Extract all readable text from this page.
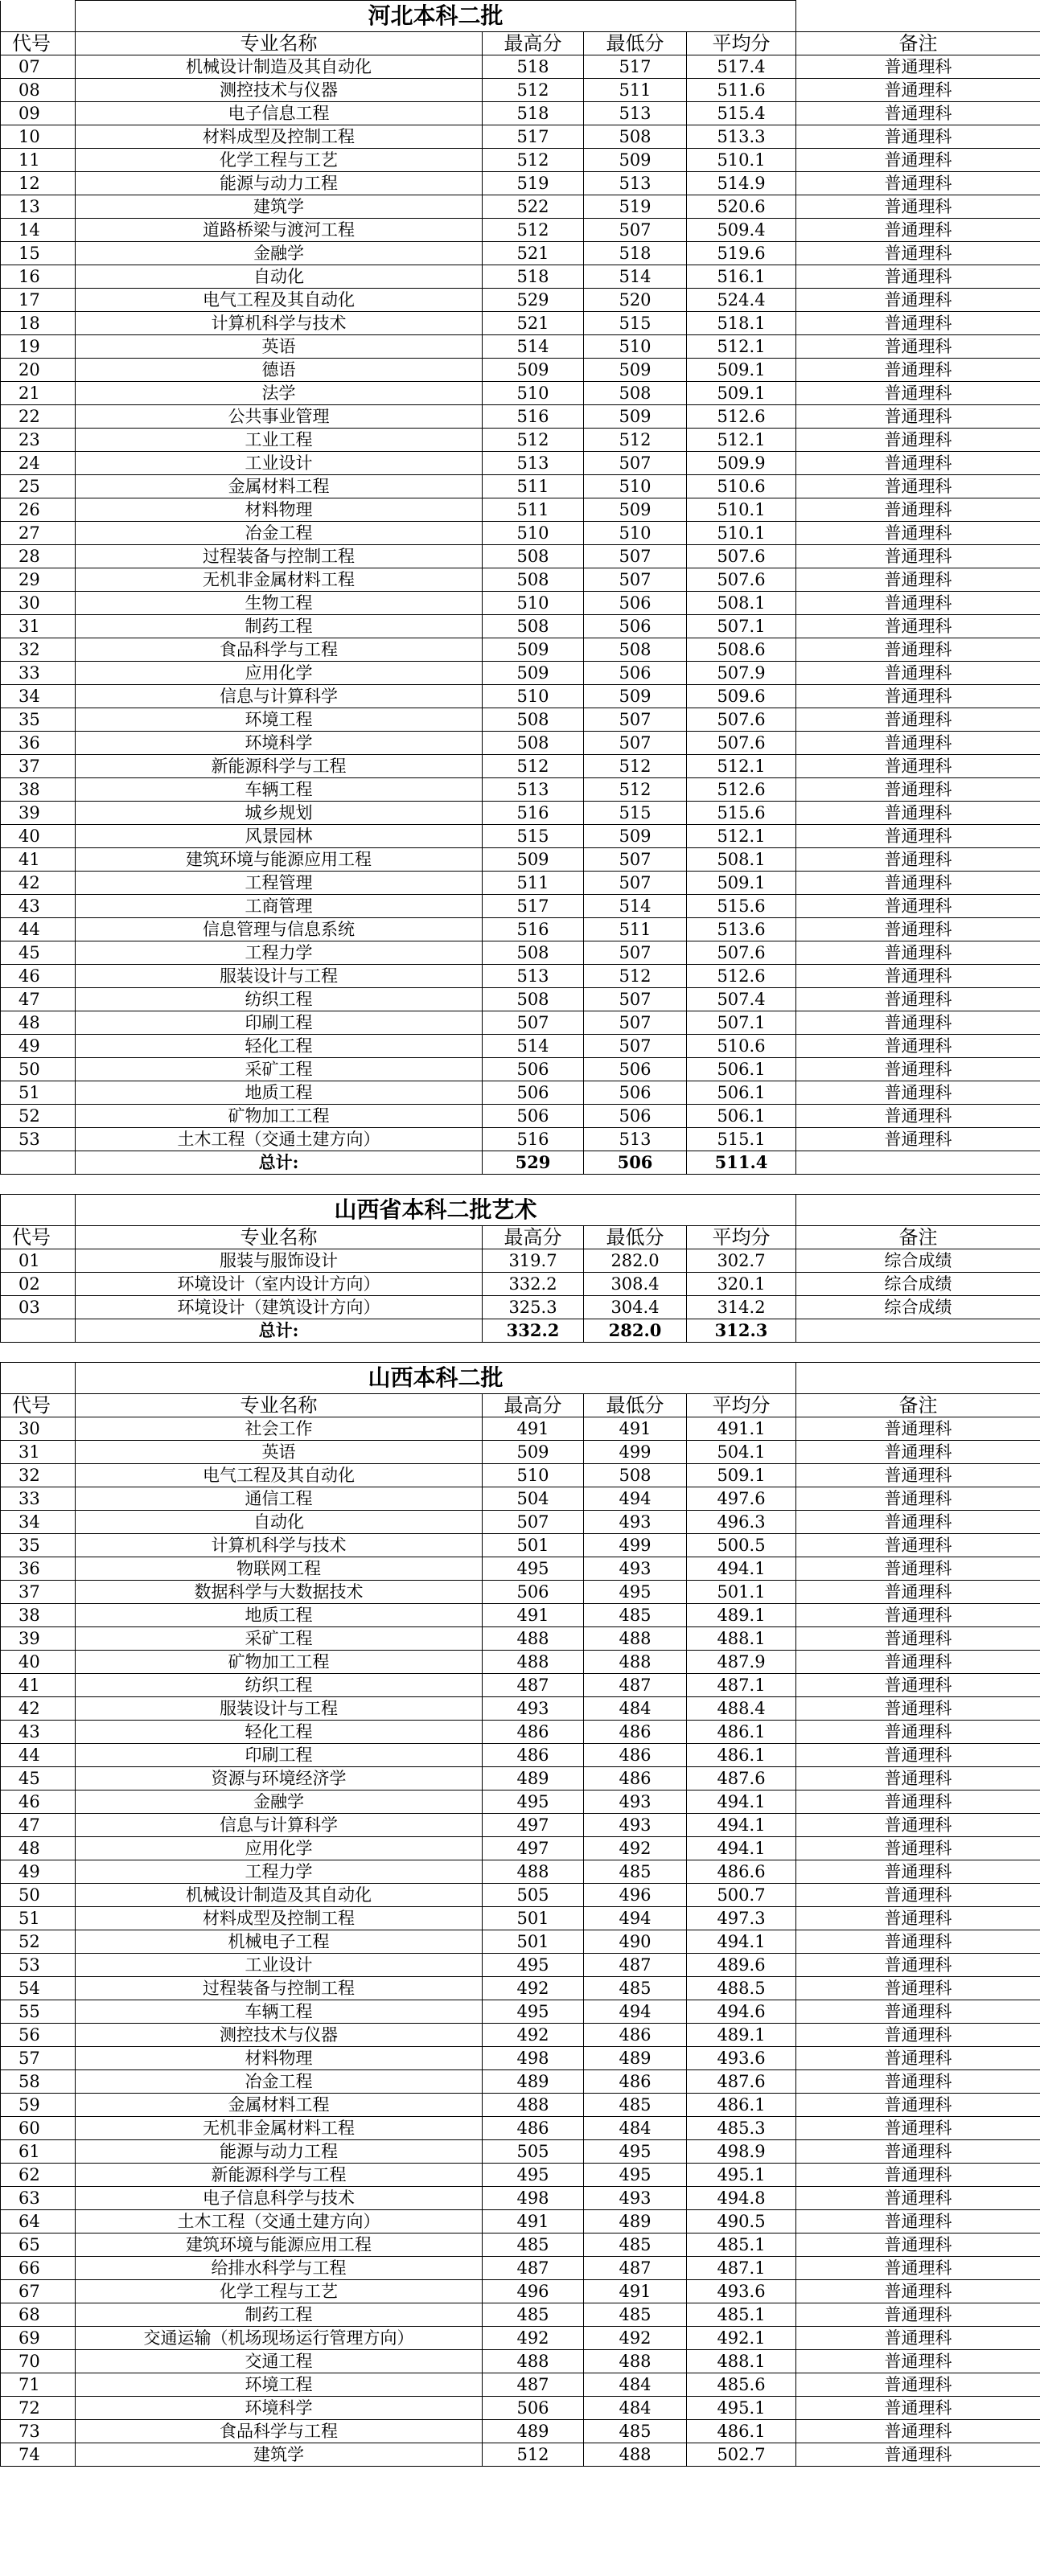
	河北本科二批				
代号	专业名称	最高分	最低分	平均分	备注
07	机械设计制造及其自动化	518	517	517.4	普通理科
08	测控技术与仪器	512	511	511.6	普通理科
09	电子信息工程	518	513	515.4	普通理科
10	材料成型及控制工程	517	508	513.3	普通理科
11	化学工程与工艺	512	509	510.1	普通理科
12	能源与动力工程	519	513	514.9	普通理科
13	建筑学	522	519	520.6	普通理科
14	道路桥梁与渡河工程	512	507	509.4	普通理科
15	金融学	521	518	519.6	普通理科
16	自动化	518	514	516.1	普通理科
17	电气工程及其自动化	529	520	524.4	普通理科
18	计算机科学与技术	521	515	518.1	普通理科
19	英语	514	510	512.1	普通理科
20	德语	509	509	509.1	普通理科
21	法学	510	508	509.1	普通理科
22	公共事业管理	516	509	512.6	普通理科
23	工业工程	512	512	512.1	普通理科
24	工业设计	513	507	509.9	普通理科
25	金属材料工程	511	510	510.6	普通理科
26	材料物理	511	509	510.1	普通理科
27	冶金工程	510	510	510.1	普通理科
28	过程装备与控制工程	508	507	507.6	普通理科
29	无机非金属材料工程	508	507	507.6	普通理科
30	生物工程	510	506	508.1	普通理科
31	制药工程	508	506	507.1	普通理科
32	食品科学与工程	509	508	508.6	普通理科
33	应用化学	509	506	507.9	普通理科
34	信息与计算科学	510	509	509.6	普通理科
35	环境工程	508	507	507.6	普通理科
36	环境科学	508	507	507.6	普通理科
37	新能源科学与工程	512	512	512.1	普通理科
38	车辆工程	513	512	512.6	普通理科
39	城乡规划	516	515	515.6	普通理科
40	风景园林	515	509	512.1	普通理科
41	建筑环境与能源应用工程	509	507	508.1	普通理科
42	工程管理	511	507	509.1	普通理科
43	工商管理	517	514	515.6	普通理科
44	信息管理与信息系统	516	511	513.6	普通理科
45	工程力学	508	507	507.6	普通理科
46	服装设计与工程	513	512	512.6	普通理科
47	纺织工程	508	507	507.4	普通理科
48	印刷工程	507	507	507.1	普通理科
49	轻化工程	514	507	510.6	普通理科
50	采矿工程	506	506	506.1	普通理科
51	地质工程	506	506	506.1	普通理科
52	矿物加工工程	506	506	506.1	普通理科
53	土木工程（交通土建方向）	516	513	515.1	普通理科
	总计:	529	506	511.4	

	山西省本科二批艺术				
代号	专业名称	最高分	最低分	平均分	备注
01	服装与服饰设计	319.7	282.0	302.7	综合成绩
02	环境设计（室内设计方向）	332.2	308.4	320.1	综合成绩
03	环境设计（建筑设计方向）	325.3	304.4	314.2	综合成绩
	总计:	332.2	282.0	312.3	

	山西本科二批				
代号	专业名称	最高分	最低分	平均分	备注
30	社会工作	491	491	491.1	普通理科
31	英语	509	499	504.1	普通理科
32	电气工程及其自动化	510	508	509.1	普通理科
33	通信工程	504	494	497.6	普通理科
34	自动化	507	493	496.3	普通理科
35	计算机科学与技术	501	499	500.5	普通理科
36	物联网工程	495	493	494.1	普通理科
37	数据科学与大数据技术	506	495	501.1	普通理科
38	地质工程	491	485	489.1	普通理科
39	采矿工程	488	488	488.1	普通理科
40	矿物加工工程	488	488	487.9	普通理科
41	纺织工程	487	487	487.1	普通理科
42	服装设计与工程	493	484	488.4	普通理科
43	轻化工程	486	486	486.1	普通理科
44	印刷工程	486	486	486.1	普通理科
45	资源与环境经济学	489	486	487.6	普通理科
46	金融学	495	493	494.1	普通理科
47	信息与计算科学	497	493	494.1	普通理科
48	应用化学	497	492	494.1	普通理科
49	工程力学	488	485	486.6	普通理科
50	机械设计制造及其自动化	505	496	500.7	普通理科
51	材料成型及控制工程	501	494	497.3	普通理科
52	机械电子工程	501	490	494.1	普通理科
53	工业设计	495	487	489.6	普通理科
54	过程装备与控制工程	492	485	488.5	普通理科
55	车辆工程	495	494	494.6	普通理科
56	测控技术与仪器	492	486	489.1	普通理科
57	材料物理	498	489	493.6	普通理科
58	冶金工程	489	486	487.6	普通理科
59	金属材料工程	488	485	486.1	普通理科
60	无机非金属材料工程	486	484	485.3	普通理科
61	能源与动力工程	505	495	498.9	普通理科
62	新能源科学与工程	495	495	495.1	普通理科
63	电子信息科学与技术	498	493	494.8	普通理科
64	土木工程（交通土建方向）	491	489	490.5	普通理科
65	建筑环境与能源应用工程	485	485	485.1	普通理科
66	给排水科学与工程	487	487	487.1	普通理科
67	化学工程与工艺	496	491	493.6	普通理科
68	制药工程	485	485	485.1	普通理科
69	交通运输（机场现场运行管理方向）	492	492	492.1	普通理科
70	交通工程	488	488	488.1	普通理科
71	环境工程	487	484	485.6	普通理科
72	环境科学	506	484	495.1	普通理科
73	食品科学与工程	489	485	486.1	普通理科
74	建筑学	512	488	502.7	普通理科
